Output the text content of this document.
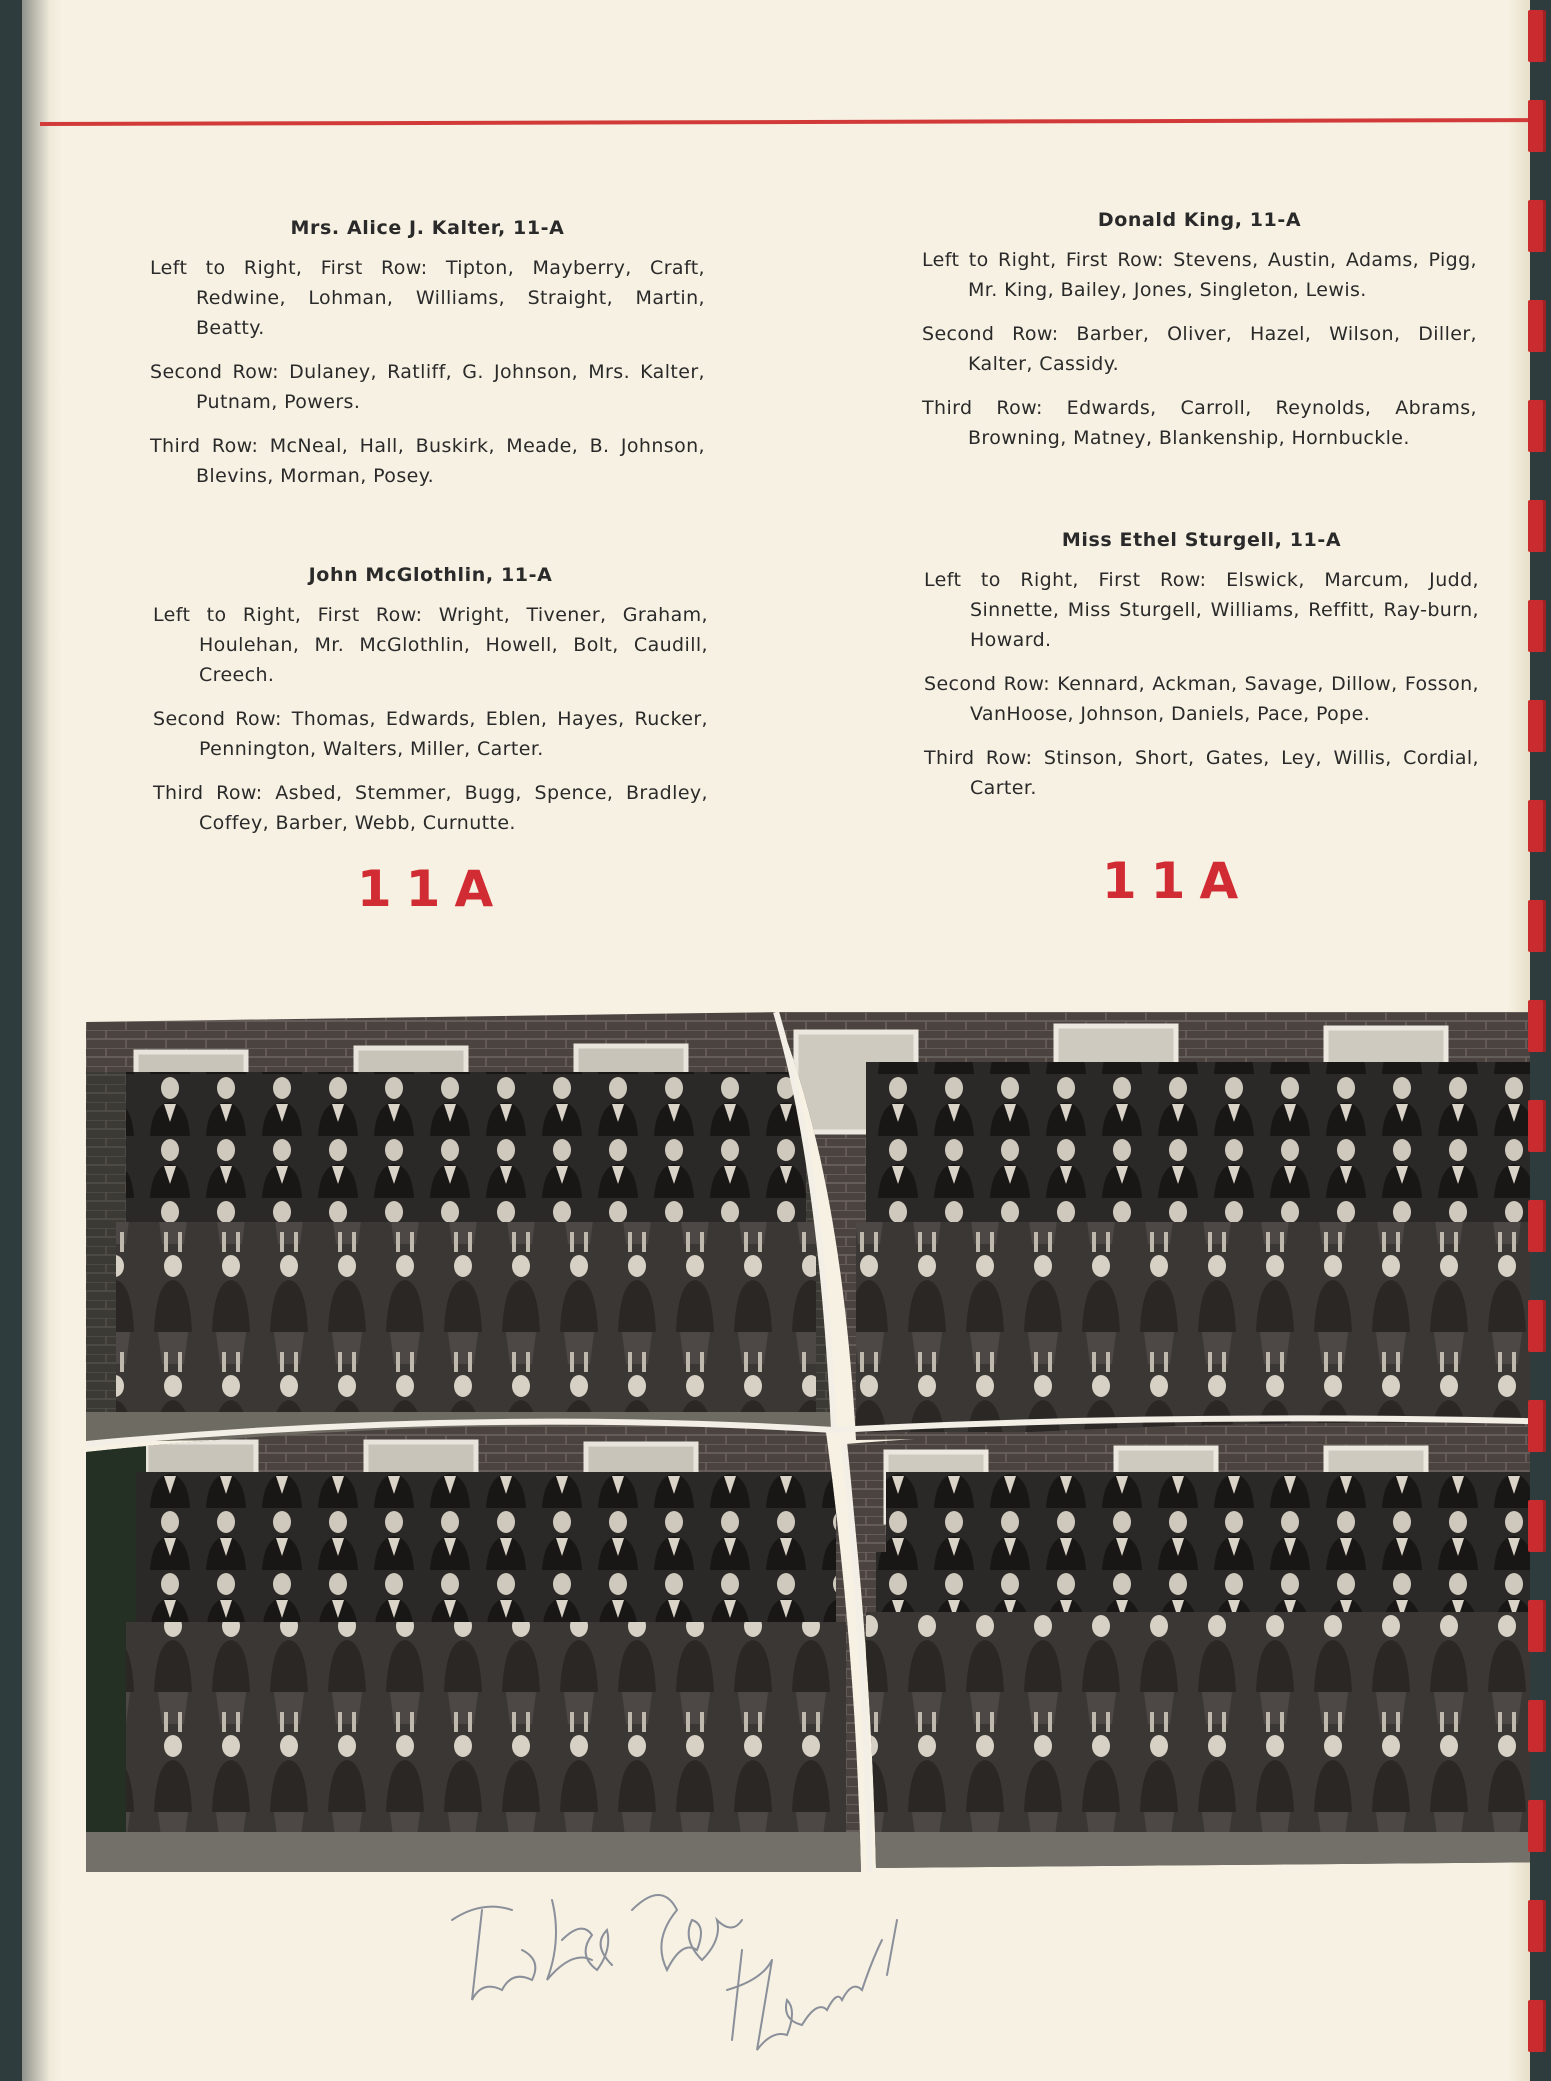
Mrs. Alice J. Kalter, 11-A

Left to Right, First Row: Tipton, Mayberry, Craft, Redwine, Lohman, Williams, Straight, Martin, Beatty.

Second Row: Dulaney, Ratliff, G. Johnson, Mrs. Kalter, Putnam, Powers.

Third Row: McNeal, Hall, Buskirk, Meade, B. Johnson, Blevins, Morman, Posey.

John McGlothlin, 11-A

Left to Right, First Row: Wright, Tivener, Graham, Houlehan, Mr. McGlothlin, Howell, Bolt, Caudill, Creech.

Second Row: Thomas, Edwards, Eblen, Hayes, Rucker, Pennington, Walters, Miller, Carter.

Third Row: Asbed, Stemmer, Bugg, Spence, Bradley, Coffey, Barber, Webb, Curnutte.

Donald King, 11-A

Left to Right, First Row: Stevens, Austin, Adams, Pigg, Mr. King, Bailey, Jones, Singleton, Lewis.

Second Row: Barber, Oliver, Hazel, Wilson, Diller, Kalter, Cassidy.

Third Row: Edwards, Carroll, Reynolds, Abrams, Browning, Matney, Blankenship, Hornbuckle.

Miss Ethel Sturgell, 11-A

Left to Right, First Row: Elswick, Marcum, Judd, Sinnette, Miss Sturgell, Williams, Reffitt, Ray-burn, Howard.

Second Row: Kennard, Ackman, Savage, Dillow, Fosson, VanHoose, Johnson, Daniels, Pace, Pope.

Third Row: Stinson, Short, Gates, Ley, Willis, Cordial, Carter.

11A	11A
